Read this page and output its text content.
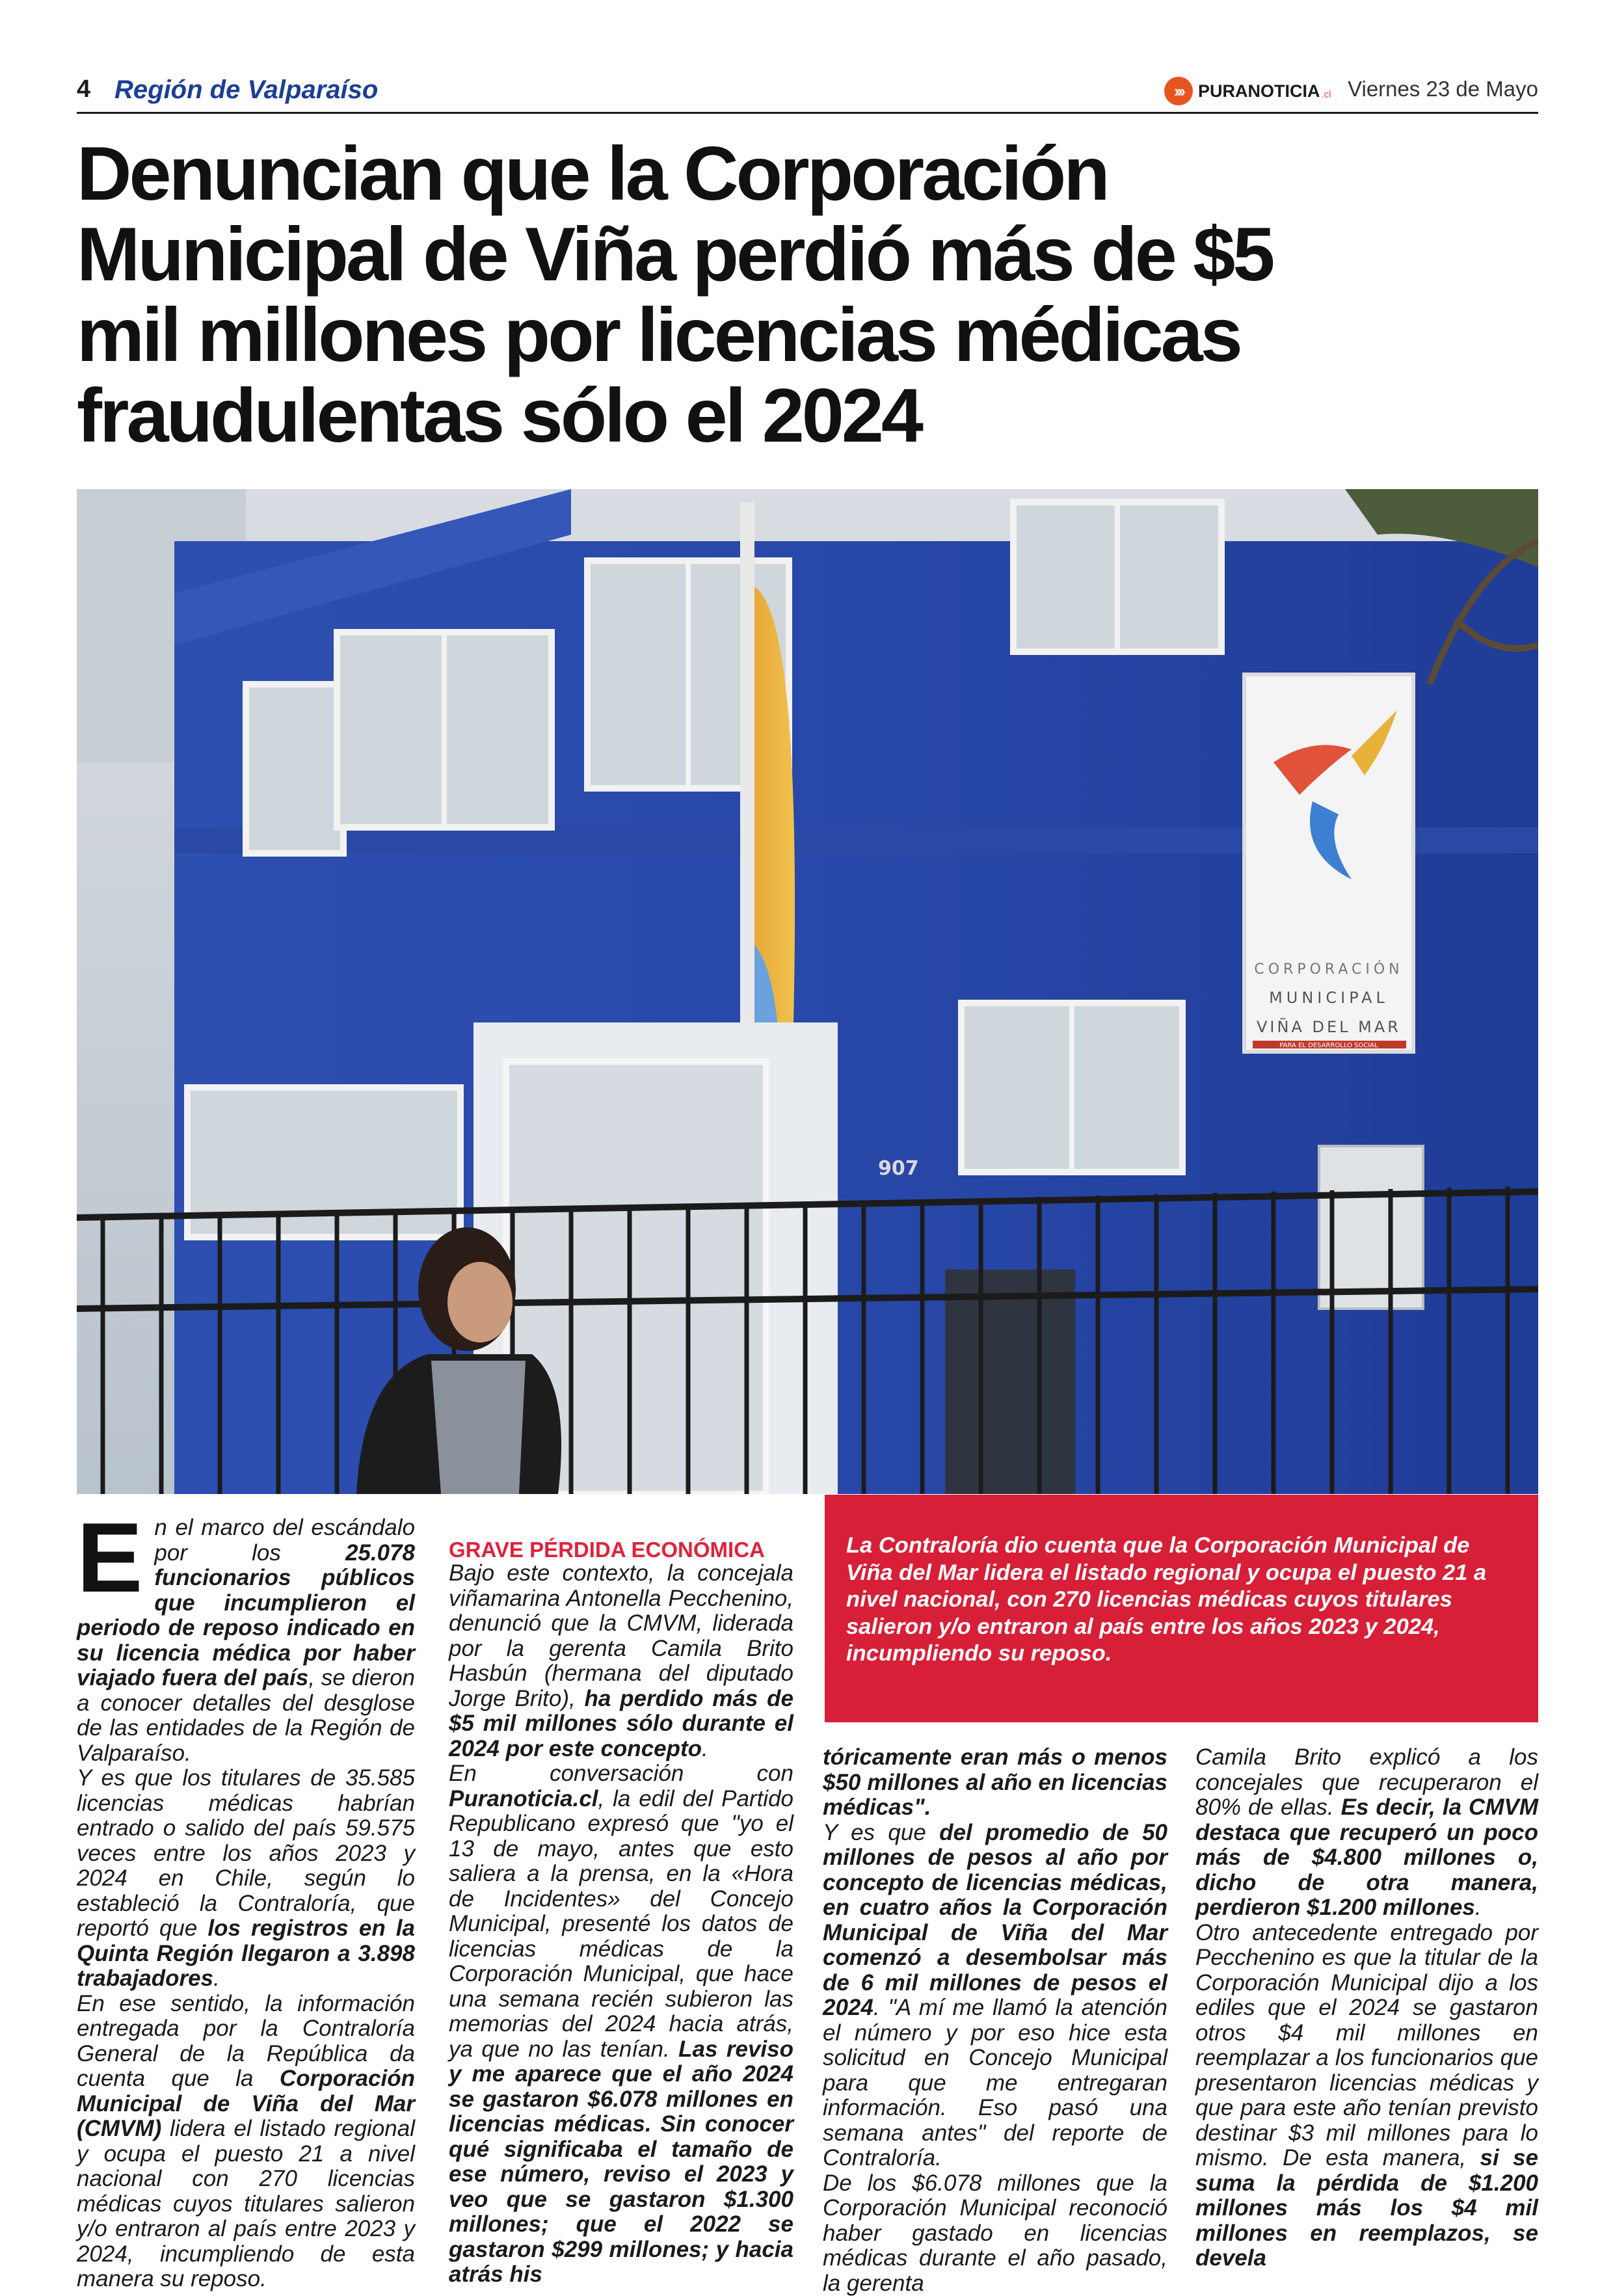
4 Región de Valparaíso	››› PURANOTICIA .cl Viernes 23 de Mayo
Denuncian que la Corporación
Municipal de Viña perdió más de $5
mil millones por licencias médicas
fraudulentas sólo el 2024
CORPORACIÓN
MUNICIPAL
VIÑA DEL MAR
PARA EL DESARROLLO SOCIAL
907
E n el marco del escándalo por los 25.078 funcionarios públicos que incumplieron el periodo de reposo indicado en su licencia médica por haber viajado fuera del país, se dieron a conocer detalles del desglose de las entidades de la Región de Valparaíso.

Y es que los titulares de 35.585 licencias médicas habrían entrado o salido del país 59.575 veces entre los años 2023 y 2024 en Chile, según lo estableció la Contraloría, que reportó que los registros en la Quinta Región llegaron a 3.898 trabajadores.

En ese sentido, la información entregada por la Contraloría General de la República da cuenta que la Corporación Municipal de Viña del Mar (CMVM) lidera el listado regional y ocupa el puesto 21 a nivel nacional con 270 licencias médicas cuyos titulares salieron y/o entraron al país entre 2023 y 2024, incumpliendo de esta manera su reposo.

GRAVE PÉRDIDA ECONÓMICA

Bajo este contexto, la concejala viñamarina Antonella Pecchenino, denunció que la CMVM, liderada por la gerenta Camila Brito Hasbún (hermana del diputado Jorge Brito), ha perdido más de $5 mil millones sólo durante el 2024 por este concepto.

En conversación con Puranoticia.cl, la edil del Partido Republicano expresó que "yo el 13 de mayo, antes que esto saliera a la prensa, en la «Hora de Incidentes» del Concejo Municipal, presenté los datos de licencias médicas de la Corporación Municipal, que hace una semana recién subieron las memorias del 2024 hacia atrás, ya que no las tenían. Las reviso y me aparece que el año 2024 se gastaron $6.078 millones en licencias médicas. Sin conocer qué significaba el tamaño de ese número, reviso el 2023 y veo que se gastaron $1.300 millones; que el 2022 se gastaron $299 millones; y hacia atrás his

La Contraloría dio cuenta que la Corporación Municipal de Viña del Mar lidera el listado regional y ocupa el puesto 21 a nivel nacional, con 270 licencias médicas cuyos titulares salieron y/o entraron al país entre los años 2023 y 2024, incumpliendo su reposo.

tóricamente eran más o menos $50 millones al año en licencias médicas".

Y es que del promedio de 50 millones de pesos al año por concepto de licencias médicas, en cuatro años la Corporación Municipal de Viña del Mar comenzó a desembolsar más de 6 mil millones de pesos el 2024. "A mí me llamó la atención el número y por eso hice esta solicitud en Concejo Municipal para que me entregaran información. Eso pasó una semana antes" del reporte de Contraloría.

De los $6.078 millones que la Corporación Municipal reconoció haber gastado en licencias médicas durante el año pasado, la gerenta

Camila Brito explicó a los concejales que recuperaron el 80% de ellas. Es decir, la CMVM destaca que recuperó un poco más de $4.800 millones o, dicho de otra manera, perdieron $1.200 millones.

Otro antecedente entregado por Pecchenino es que la titular de la Corporación Municipal dijo a los ediles que el 2024 se gastaron otros $4 mil millones en reemplazar a los funcionarios que presentaron licencias médicas y que para este año tenían previsto destinar $3 mil millones para lo mismo. De esta manera, si se suma la pérdida de $1.200 millones más los $4 mil millones en reemplazos, se devela
